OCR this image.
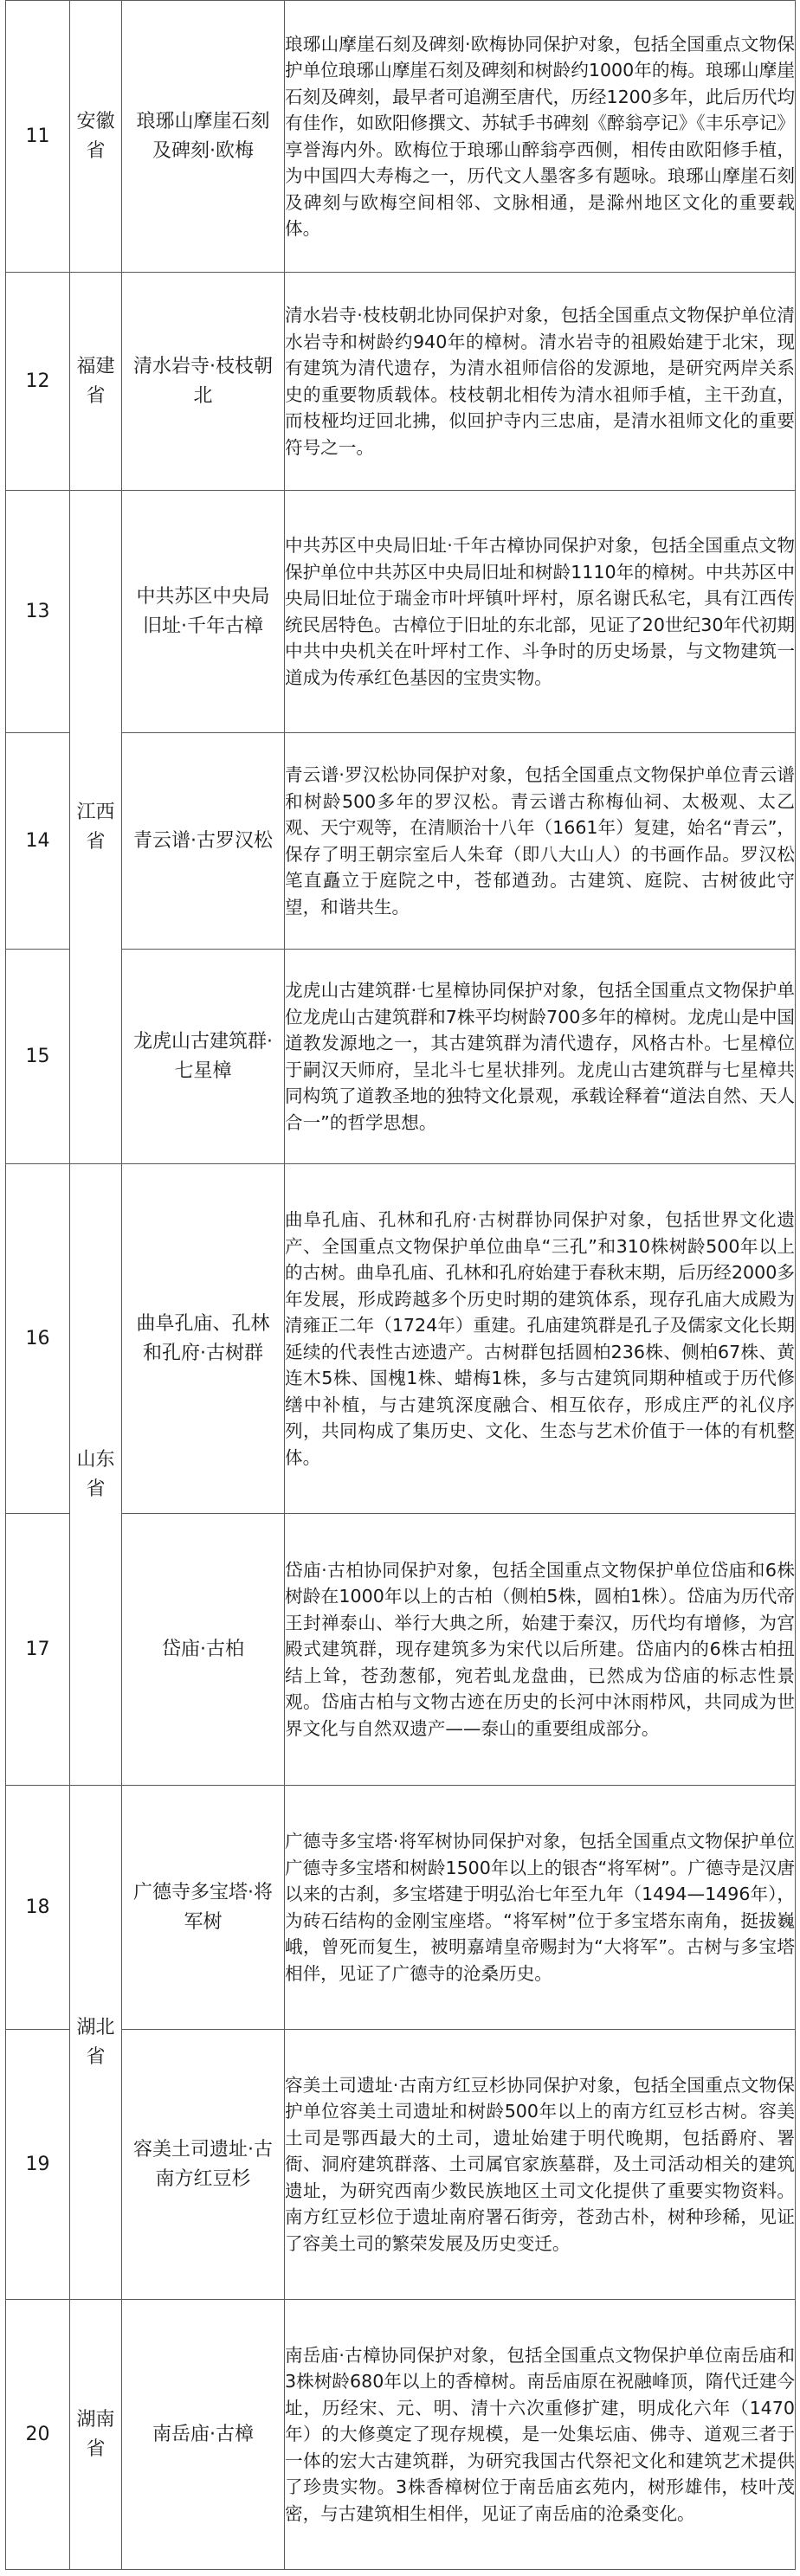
11	安徽省	琅琊山摩崖石刻及碑刻·欧梅	琅琊山摩崖石刻及碑刻·欧梅协同保护对象，包括全国重点文物保护单位琅琊山摩崖石刻及碑刻和树龄约1000年的梅。琅琊山摩崖石刻及碑刻，最早者可追溯至唐代，历经1200多年，此后历代均有佳作，如欧阳修撰文、苏轼手书碑刻《醉翁亭记》《丰乐亭记》享誉海内外。欧梅位于琅琊山醉翁亭西侧，相传由欧阳修手植，为中国四大寿梅之一，历代文人墨客多有题咏。琅琊山摩崖石刻及碑刻与欧梅空间相邻、文脉相通，是滁州地区文化的重要载体。

12	福建省	清水岩寺·枝枝朝北	清水岩寺·枝枝朝北协同保护对象，包括全国重点文物保护单位清水岩寺和树龄约940年的樟树。清水岩寺的祖殿始建于北宋，现有建筑为清代遗存，为清水祖师信俗的发源地，是研究两岸关系史的重要物质载体。枝枝朝北相传为清水祖师手植，主干劲直，而枝桠均迂回北拂，似回护寺内三忠庙，是清水祖师文化的重要符号之一。

13	江西省	中共苏区中央局旧址·千年古樟	中共苏区中央局旧址·千年古樟协同保护对象，包括全国重点文物保护单位中共苏区中央局旧址和树龄1110年的樟树。中共苏区中央局旧址位于瑞金市叶坪镇叶坪村，原名谢氏私宅，具有江西传统民居特色。古樟位于旧址的东北部，见证了20世纪30年代初期中共中央机关在叶坪村工作、斗争时的历史场景，与文物建筑一道成为传承红色基因的宝贵实物。

14		青云谱·古罗汉松	青云谱·罗汉松协同保护对象，包括全国重点文物保护单位青云谱和树龄500多年的罗汉松。青云谱古称梅仙祠、太极观、太乙观、天宁观等，在清顺治十八年（1661年）复建，始名“青云”，保存了明王朝宗室后人朱耷（即八大山人）的书画作品。罗汉松笔直矗立于庭院之中，苍郁遒劲。古建筑、庭院、古树彼此守望，和谐共生。

15		龙虎山古建筑群·七星樟	龙虎山古建筑群·七星樟协同保护对象，包括全国重点文物保护单位龙虎山古建筑群和7株平均树龄700多年的樟树。龙虎山是中国道教发源地之一，其古建筑群为清代遗存，风格古朴。七星樟位于嗣汉天师府，呈北斗七星状排列。龙虎山古建筑群与七星樟共同构筑了道教圣地的独特文化景观，承载诠释着“道法自然、天人合一”的哲学思想。

16	山东省	曲阜孔庙、孔林和孔府·古树群	曲阜孔庙、孔林和孔府·古树群协同保护对象，包括世界文化遗产、全国重点文物保护单位曲阜“三孔”和310株树龄500年以上的古树。曲阜孔庙、孔林和孔府始建于春秋末期，后历经2000多年发展，形成跨越多个历史时期的建筑体系，现存孔庙大成殿为清雍正二年（1724年）重建。孔庙建筑群是孔子及儒家文化长期延续的代表性古迹遗产。古树群包括圆柏236株、侧柏67株、黄连木5株、国槐1株、蜡梅1株，多与古建筑同期种植或于历代修缮中补植，与古建筑深度融合、相互依存，形成庄严的礼仪序列，共同构成了集历史、文化、生态与艺术价值于一体的有机整体。

17		岱庙·古柏	岱庙·古柏协同保护对象，包括全国重点文物保护单位岱庙和6株树龄在1000年以上的古柏（侧柏5株，圆柏1株）。岱庙为历代帝王封禅泰山、举行大典之所，始建于秦汉，历代均有增修，为宫殿式建筑群，现存建筑多为宋代以后所建。岱庙内的6株古柏扭结上耸，苍劲葱郁，宛若虬龙盘曲，已然成为岱庙的标志性景观。岱庙古柏与文物古迹在历史的长河中沐雨栉风，共同成为世界文化与自然双遗产——泰山的重要组成部分。

18	湖北省	广德寺多宝塔·将军树	广德寺多宝塔·将军树协同保护对象，包括全国重点文物保护单位广德寺多宝塔和树龄1500年以上的银杏“将军树”。广德寺是汉唐以来的古刹，多宝塔建于明弘治七年至九年（1494—1496年），为砖石结构的金刚宝座塔。“将军树”位于多宝塔东南角，挺拔巍峨，曾死而复生，被明嘉靖皇帝赐封为“大将军”。古树与多宝塔相伴，见证了广德寺的沧桑历史。

19		容美土司遗址·古南方红豆杉	容美土司遗址·古南方红豆杉协同保护对象，包括全国重点文物保护单位容美土司遗址和树龄500年以上的南方红豆杉古树。容美土司是鄂西最大的土司，遗址始建于明代晚期，包括爵府、署衙、洞府建筑群落、土司属官家族墓群，及土司活动相关的建筑遗址，为研究西南少数民族地区土司文化提供了重要实物资料。南方红豆杉位于遗址南府署石街旁，苍劲古朴，树种珍稀，见证了容美土司的繁荣发展及历史变迁。

20	湖南省	南岳庙·古樟	南岳庙·古樟协同保护对象，包括全国重点文物保护单位南岳庙和3株树龄680年以上的香樟树。南岳庙原在祝融峰顶，隋代迁建今址，历经宋、元、明、清十六次重修扩建，明成化六年（1470年）的大修奠定了现存规模，是一处集坛庙、佛寺、道观三者于一体的宏大古建筑群，为研究我国古代祭祀文化和建筑艺术提供了珍贵实物。3株香樟树位于南岳庙玄苑内，树形雄伟，枝叶茂密，与古建筑相生相伴，见证了南岳庙的沧桑变化。
